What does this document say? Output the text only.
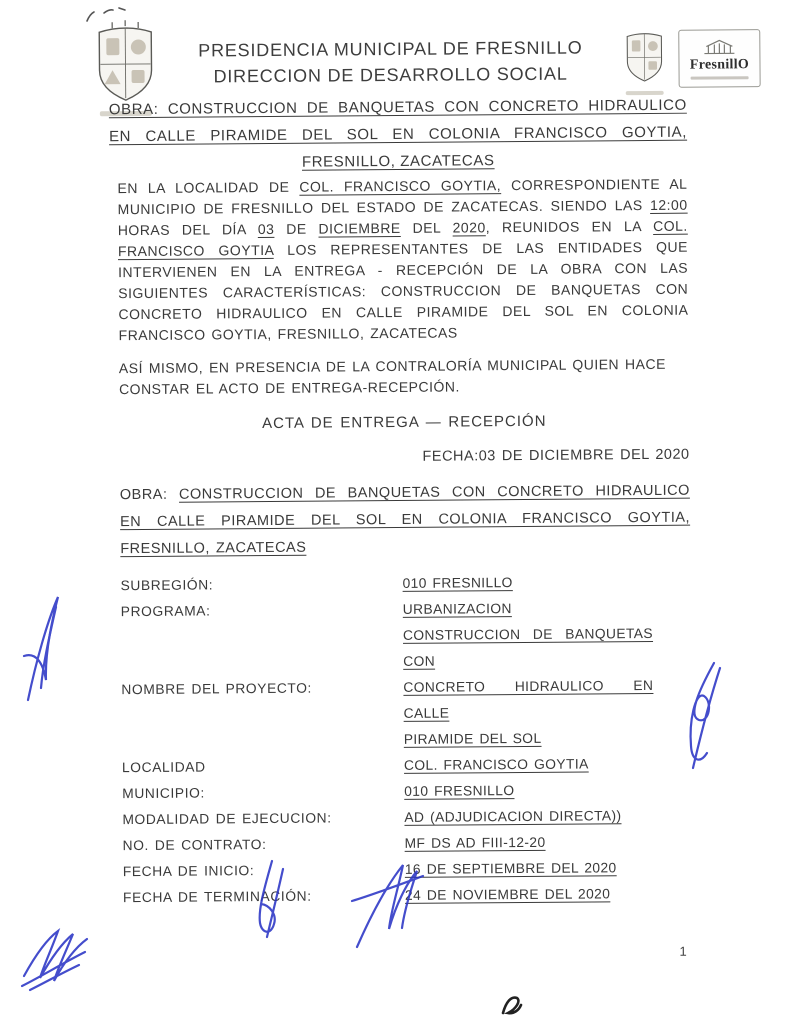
PRESIDENCIA MUNICIPAL DE FRESNILLO
DIRECCION DE DESARROLLO SOCIAL	FresnillO
OBRA: CONSTRUCCION DE BANQUETAS CON CONCRETO HIDRAULICO
EN CALLE PIRAMIDE DEL SOL EN COLONIA FRANCISCO GOYTIA,
FRESNILLO, ZACATECAS

EN LA LOCALIDAD DE COL. FRANCISCO GOYTIA, CORRESPONDIENTE AL MUNICIPIO DE FRESNILLO DEL ESTADO DE ZACATECAS. SIENDO LAS 12:00 HORAS DEL DÍA 03 DE DICIEMBRE DEL 2020, REUNIDOS EN LA COL. FRANCISCO GOYTIA LOS REPRESENTANTES DE LAS ENTIDADES QUE INTERVIENEN EN LA ENTREGA - RECEPCIÓN DE LA OBRA CON LAS SIGUIENTES CARACTERÍSTICAS: CONSTRUCCION DE BANQUETAS CON CONCRETO HIDRAULICO EN CALLE PIRAMIDE DEL SOL EN COLONIA FRANCISCO GOYTIA, FRESNILLO, ZACATECAS

ASÍ MISMO, EN PRESENCIA DE LA CONTRALORÍA MUNICIPAL QUIEN HACE CONSTAR EL ACTO DE ENTREGA-RECEPCIÓN.

ACTA DE ENTREGA — RECEPCIÓN
FECHA:03 DE DICIEMBRE DEL 2020
OBRA: CONSTRUCCION DE BANQUETAS CON CONCRETO HIDRAULICO
EN CALLE PIRAMIDE DEL SOL EN COLONIA FRANCISCO GOYTIA,
FRESNILLO, ZACATECAS
SUBREGIÓN:	010 FRESNILLO
PROGRAMA:	URBANIZACION
NOMBRE DEL PROYECTO:
CONSTRUCCION DE BANQUETAS CON
CONCRETO HIDRAULICO EN CALLE
PIRAMIDE DEL SOL
LOCALIDAD	COL. FRANCISCO GOYTIA
MUNICIPIO:	010 FRESNILLO
MODALIDAD DE EJECUCION:	AD (ADJUDICACION DIRECTA))
NO. DE CONTRATO:	MF DS AD FIII-12-20
FECHA DE INICIO:	16 DE SEPTIEMBRE DEL 2020
FECHA DE TERMINACIÓN:	24 DE NOVIEMBRE DEL 2020
1
